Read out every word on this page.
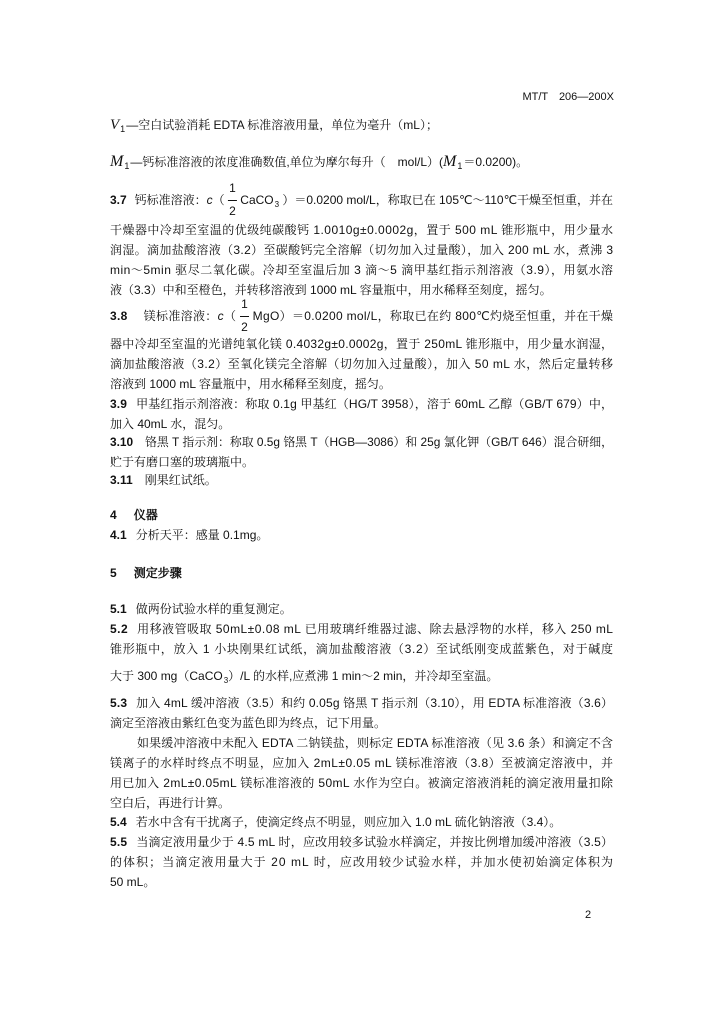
MT/T　206—200X
$V_1—$空白试验消耗 EDTA 标准溶液用量，单位为毫升（mL）；
$M_1—$钙标准溶液的浓度准确数值,单位为摩尔每升（　mol/$L)(M_1=0.0200)$。
3.7 钙标准溶液：$c( \frac{1}{2}$ CaCO$_3$ ）＝0.0200 mol/L，称取已在 105℃～110℃干燥至恒重，并在
干燥器中冷却至室温的优级纯碳酸钙 1.0010g±0.0002g，置于 500 mL 锥形瓶中，用少量水
润湿。滴加盐酸溶液（3.2）至碳酸钙完全溶解（切勿加入过量酸），加入 200 mL 水，煮沸 3
min～5min 驱尽二氧化碳。冷却至室温后加 3 滴～5 滴甲基红指示剂溶液（3.9），用氨水溶
液（3.3）中和至橙色，并转移溶液到 1000 mL 容量瓶中，用水稀释至刻度，摇匀。
3.8 镁标准溶液：$c( \frac{1}{2} MgO)=0.0200$ mol/L，称取已在约 800℃灼烧至恒重，并在干燥
器中冷却至室温的光谱纯氧化镁 0.4032g±0.0002g，置于 250mL 锥形瓶中，用少量水润湿，
滴加盐酸溶液（3.2）至氧化镁完全溶解（切勿加入过量酸），加入 50 mL 水，然后定量转移
溶液到 1000 mL 容量瓶中，用水稀释至刻度，摇匀。
3.9 甲基红指示剂溶液：称取 0.1g 甲基红（HG/T 3958），溶于 60mL 乙醇（GB/T 679）中，
加入 40mL 水，混匀。
3.10 铬黑 T 指示剂：称取 0.5g 铬黑 T（HGB—3086）和 25g 氯化钾（GB/T 646）混合研细，
贮于有磨口塞的玻璃瓶中。
3.11 刚果红试纸。
4 仪器
4.1 分析天平：感量 0.1mg。
5 测定步骤
5.1 做两份试验水样的重复测定。
5.2 用移液管吸取 50mL±0.08 mL 已用玻璃纤维器过滤、除去悬浮物的水样，移入 250 mL
锥形瓶中，放入 1 小块刚果红试纸，滴加盐酸溶液（3.2）至试纸刚变成蓝紫色，对于碱度
大于 300 mg（CaCO$_3$）/L 的水样,应煮沸 1 min～2 min，并冷却至室温。
5.3 加入 4mL 缓冲溶液（3.5）和约 0.05g 铬黑 T 指示剂（3.10），用 EDTA 标准溶液（3.6）
滴定至溶液由紫红色变为蓝色即为终点，记下用量。
如果缓冲溶液中未配入 EDTA 二钠镁盐，则标定 EDTA 标准溶液（见 3.6 条）和滴定不含
镁离子的水样时终点不明显，应加入 2mL±0.05 mL 镁标准溶液（3.8）至被滴定溶液中，并
用已加入 2mL±0.05mL 镁标准溶液的 50mL 水作为空白。被滴定溶液消耗的滴定液用量扣除
空白后，再进行计算。
5.4 若水中含有干扰离子，使滴定终点不明显，则应加入 1.0 mL 硫化钠溶液（3.4）。
5.5 当滴定液用量少于 4.5 mL 时，应改用较多试验水样滴定，并按比例增加缓冲溶液（3.5）
的体积；当滴定液用量大于 20 mL 时，应改用较少试验水样，并加水使初始滴定体积为
50 mL。
2
